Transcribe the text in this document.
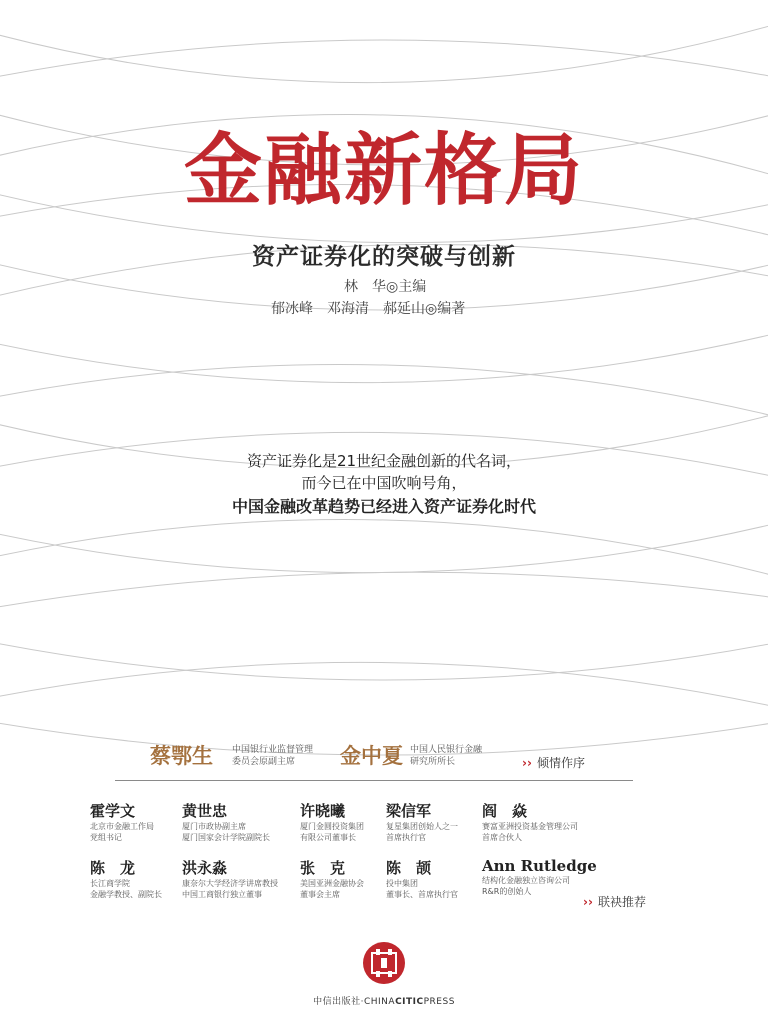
金融新格局
资产证券化的突破与创新
林　华◎主编
郁冰峰　邓海清　郝延山◎编著
资产证券化是21世纪金融创新的代名词，
而今已在中国吹响号角，
中国金融改革趋势已经进入资产证券化时代
蔡鄂生 中国银行业监督管理
委员会原副主席	金中夏 中国人民银行金融
研究所所长	›› 倾情作序
霍学文
北京市金融工作局
党组书记
黄世忠
厦门市政协副主席
厦门国家会计学院副院长
许晓曦
厦门金圆投资集团
有限公司董事长
梁信军
复星集团创始人之一
首席执行官
阎　焱
赛富亚洲投资基金管理公司
首席合伙人
陈　龙
长江商学院
金融学教授、副院长
洪永淼
康奈尔大学经济学讲席教授
中国工商银行独立董事
张　克
美国亚洲金融协会
董事会主席
陈　颉
投中集团
董事长、首席执行官
Ann Rutledge
结构化金融独立咨询公司
R&R的创始人
›› 联袂推荐
中信出版社·CHINACITICPRESS
